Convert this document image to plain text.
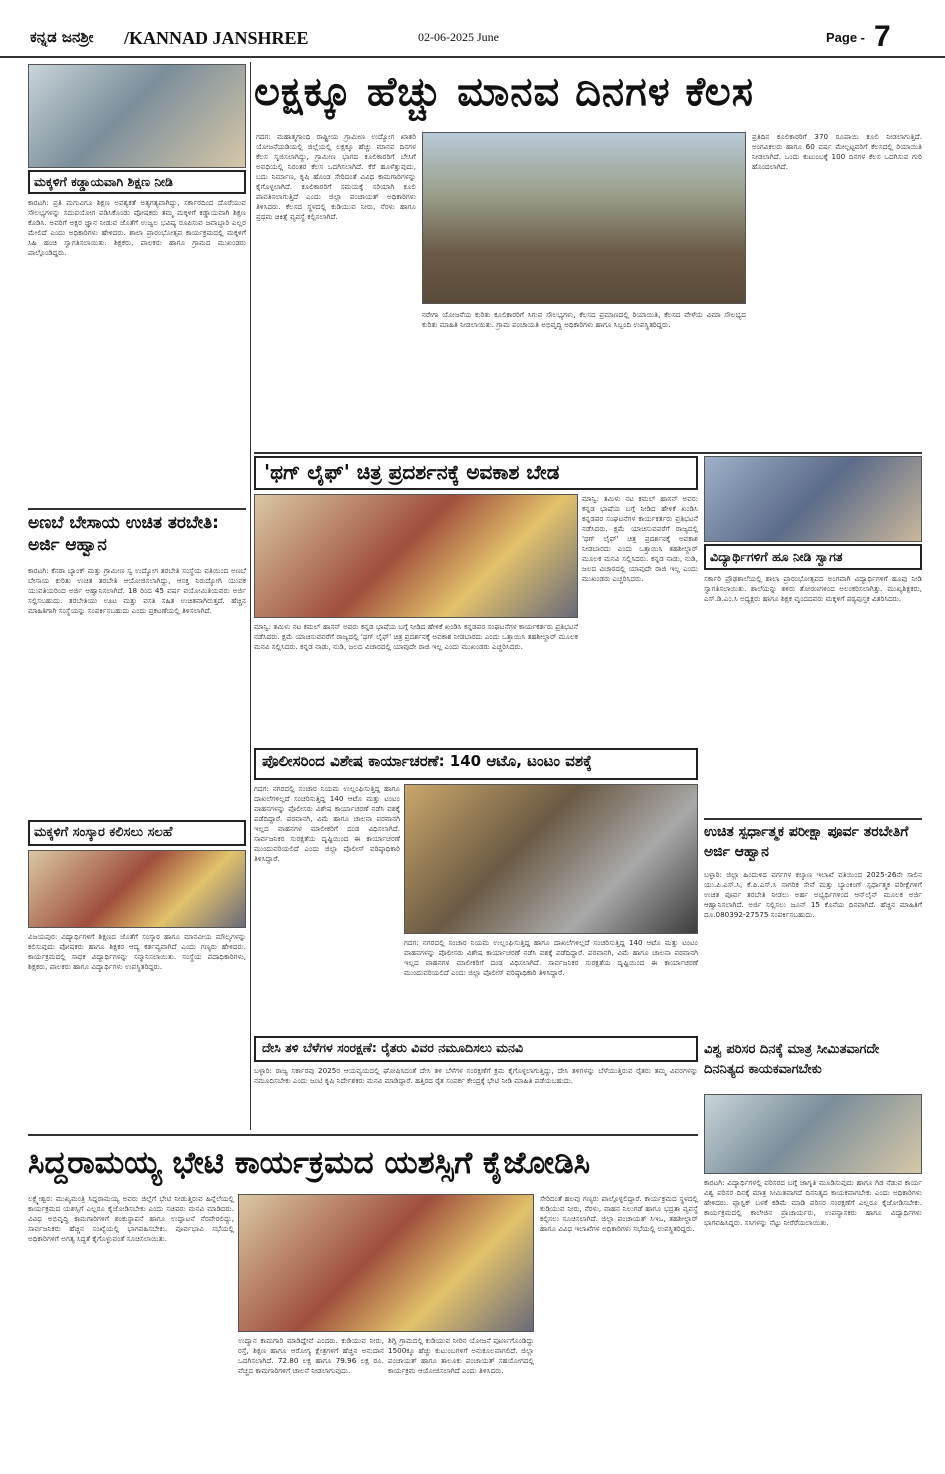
ಕನ್ನಡ ಜನಶ್ರೀ /KANNAD JANSHREE	02-06-2025 June	Page - 7
ಮಕ್ಕಳಿಗೆ ಕಡ್ಡಾಯವಾಗಿ ಶಿಕ್ಷಣ ನೀಡಿ
ಕಾರಟಗಿ: ಪ್ರತಿ ಮಗುವಿಗೂ ಶಿಕ್ಷಣ ಅವಶ್ಯಕತೆ ಅತ್ಯಗತ್ಯವಾಗಿದ್ದು, ಸರ್ಕಾರದಿಂದ ದೊರೆಯುವ ಸೌಲಭ್ಯಗಳನ್ನು ಸದುಪಯೋಗ ಪಡಿಸಿಕೊಂಡು ಪೋಷಕರು ತಮ್ಮ ಮಕ್ಕಳಿಗೆ ಕಡ್ಡಾಯವಾಗಿ ಶಿಕ್ಷಣ ಕೊಡಿಸಿ. ಅವರಿಗೆ ಅಕ್ಷರ ಜ್ಞಾನ ನೀಡುವ ಜೊತೆಗೆ ಉಜ್ವಲ ಭವಿಷ್ಯ ರೂಪಿಸುವ ಜವಾಬ್ದಾರಿ ಎಲ್ಲರ ಮೇಲಿದೆ ಎಂದು ಅಧಿಕಾರಿಗಳು ಹೇಳಿದರು. ಶಾಲಾ ಪ್ರಾರಂಭೋತ್ಸವ ಕಾರ್ಯಕ್ರಮದಲ್ಲಿ ಮಕ್ಕಳಿಗೆ ಸಿಹಿ ಹಂಚಿ ಸ್ವಾಗತಿಸಲಾಯಿತು. ಶಿಕ್ಷಕರು, ಪಾಲಕರು ಹಾಗೂ ಗ್ರಾಮದ ಮುಖಂಡರು ಪಾಲ್ಗೊಂಡಿದ್ದರು.
ಅಣಬೆ ಬೇಸಾಯ ಉಚಿತ ತರಬೇತಿ: ಅರ್ಜಿ ಆಹ್ವಾನ
ಕಾರಟಗಿ: ಕೆನರಾ ಬ್ಯಾಂಕ್ ಮತ್ತು ಗ್ರಾಮೀಣ ಸ್ವ ಉದ್ಯೋಗ ತರಬೇತಿ ಸಂಸ್ಥೆಯ ವತಿಯಿಂದ ಅಣಬೆ ಬೇಸಾಯ ಕುರಿತು ಉಚಿತ ತರಬೇತಿ ಆಯೋಜಿಸಲಾಗಿದ್ದು, ಆಸಕ್ತ ನಿರುದ್ಯೋಗಿ ಯುವಕ ಯುವತಿಯರಿಂದ ಅರ್ಜಿ ಆಹ್ವಾನಿಸಲಾಗಿದೆ. 18 ರಿಂದ 45 ವರ್ಷ ವಯೋಮಿತಿಯವರು ಅರ್ಜಿ ಸಲ್ಲಿಸಬಹುದು. ತರಬೇತಿಯು ಊಟ ಮತ್ತು ವಸತಿ ಸಹಿತ ಉಚಿತವಾಗಿರುತ್ತದೆ. ಹೆಚ್ಚಿನ ಮಾಹಿತಿಗಾಗಿ ಸಂಸ್ಥೆಯನ್ನು ಸಂಪರ್ಕಿಸಬಹುದು ಎಂದು ಪ್ರಕಟಣೆಯಲ್ಲಿ ತಿಳಿಸಲಾಗಿದೆ.
ಮಕ್ಕಳಿಗೆ ಸಂಸ್ಕಾರ ಕಲಿಸಲು ಸಲಹೆ
ವಿಜಯಪುರ: ವಿದ್ಯಾರ್ಥಿಗಳಿಗೆ ಶಿಕ್ಷಣದ ಜೊತೆಗೆ ಸಂಸ್ಕಾರ ಹಾಗೂ ಮಾನವೀಯ ಮೌಲ್ಯಗಳನ್ನು ಕಲಿಸುವುದು ಪೋಷಕರು ಹಾಗೂ ಶಿಕ್ಷಕರ ಆದ್ಯ ಕರ್ತವ್ಯವಾಗಿದೆ ಎಂದು ಗಣ್ಯರು ಹೇಳಿದರು. ಕಾರ್ಯಕ್ರಮದಲ್ಲಿ ಸಾಧಕ ವಿದ್ಯಾರ್ಥಿಗಳನ್ನು ಸನ್ಮಾನಿಸಲಾಯಿತು. ಸಂಸ್ಥೆಯ ಪದಾಧಿಕಾರಿಗಳು, ಶಿಕ್ಷಕರು, ಪಾಲಕರು ಹಾಗೂ ವಿದ್ಯಾರ್ಥಿಗಳು ಉಪಸ್ಥಿತರಿದ್ದರು.
ಲಕ್ಷಕ್ಕೂ ಹೆಚ್ಚು ಮಾನವ ದಿನಗಳ ಕೆಲಸ
ಗದಗ: ಮಹಾತ್ಮಗಾಂಧಿ ರಾಷ್ಟ್ರೀಯ ಗ್ರಾಮೀಣ ಉದ್ಯೋಗ ಖಾತರಿ ಯೋಜನೆಯಡಿಯಲ್ಲಿ ಜಿಲ್ಲೆಯಲ್ಲಿ ಲಕ್ಷಕ್ಕೂ ಹೆಚ್ಚು ಮಾನವ ದಿನಗಳ ಕೆಲಸ ಸೃಜಿಸಲಾಗಿದ್ದು, ಗ್ರಾಮೀಣ ಭಾಗದ ಕೂಲಿಕಾರರಿಗೆ ಬೇಸಿಗೆ ಅವಧಿಯಲ್ಲಿ ನಿರಂತರ ಕೆಲಸ ಒದಗಿಸಲಾಗಿದೆ. ಕೆರೆ ಹೂಳೆತ್ತುವುದು, ಬದು ನಿರ್ಮಾಣ, ಕೃಷಿ ಹೊಂಡ ಸೇರಿದಂತೆ ವಿವಿಧ ಕಾಮಗಾರಿಗಳನ್ನು ಕೈಗೊಳ್ಳಲಾಗಿದೆ. ಕೂಲಿಕಾರರಿಗೆ ಸಮಯಕ್ಕೆ ಸರಿಯಾಗಿ ಕೂಲಿ ಪಾವತಿಸಲಾಗುತ್ತಿದೆ ಎಂದು ಜಿಲ್ಲಾ ಪಂಚಾಯತ್ ಅಧಿಕಾರಿಗಳು ತಿಳಿಸಿದರು. ಕೆಲಸದ ಸ್ಥಳದಲ್ಲಿ ಕುಡಿಯುವ ನೀರು, ನೆರಳು ಹಾಗೂ ಪ್ರಥಮ ಚಿಕಿತ್ಸೆ ವ್ಯವಸ್ಥೆ ಕಲ್ಪಿಸಲಾಗಿದೆ.
ನರೇಗಾ ಯೋಜನೆಯ ಕುರಿತು ಕೂಲಿಕಾರರಿಗೆ ಸಿಗುವ ಸೌಲಭ್ಯಗಳು, ಕೆಲಸದ ಪ್ರಮಾಣದಲ್ಲಿ ರಿಯಾಯಿತಿ, ಕೆಲಸದ ವೇಳೆಯ ವಿಮಾ ಸೌಲಭ್ಯದ ಕುರಿತು ಮಾಹಿತಿ ನೀಡಲಾಯಿತು. ಗ್ರಾಮ ಪಂಚಾಯತಿ ಅಭಿವೃದ್ಧಿ ಅಧಿಕಾರಿಗಳು ಹಾಗೂ ಸಿಬ್ಬಂದಿ ಉಪಸ್ಥಿತರಿದ್ದರು.
ಪ್ರತಿದಿನ ಕೂಲಿಕಾರರಿಗೆ 370 ರೂಪಾಯಿ ಕೂಲಿ ನೀಡಲಾಗುತ್ತಿದೆ. ಅಂಗವಿಕಲರು ಹಾಗೂ 60 ವರ್ಷ ಮೇಲ್ಪಟ್ಟವರಿಗೆ ಕೆಲಸದಲ್ಲಿ ರಿಯಾಯಿತಿ ನೀಡಲಾಗಿದೆ. ಒಂದು ಕುಟುಂಬಕ್ಕೆ 100 ದಿನಗಳ ಕೆಲಸ ಒದಗಿಸುವ ಗುರಿ ಹೊಂದಲಾಗಿದೆ.
'ಥಗ್ ಲೈಫ್' ಚಿತ್ರ ಪ್ರದರ್ಶನಕ್ಕೆ ಅವಕಾಶ ಬೇಡ
ಮಾನ್ವಿ: ತಮಿಳು ನಟ ಕಮಲ್ ಹಾಸನ್ ಅವರು ಕನ್ನಡ ಭಾಷೆಯ ಬಗ್ಗೆ ನೀಡಿದ ಹೇಳಿಕೆ ಖಂಡಿಸಿ ಕನ್ನಡಪರ ಸಂಘಟನೆಗಳ ಕಾರ್ಯಕರ್ತರು ಪ್ರತಿಭಟನೆ ನಡೆಸಿದರು. ಕ್ಷಮೆ ಯಾಚಿಸುವವರೆಗೆ ರಾಜ್ಯದಲ್ಲಿ 'ಥಗ್ ಲೈಫ್' ಚಿತ್ರ ಪ್ರದರ್ಶನಕ್ಕೆ ಅವಕಾಶ ನೀಡಬಾರದು ಎಂದು ಒತ್ತಾಯಿಸಿ ತಹಶೀಲ್ದಾರ್ ಮೂಲಕ ಮನವಿ ಸಲ್ಲಿಸಿದರು. ಕನ್ನಡ ನಾಡು, ನುಡಿ, ಜಲದ ವಿಚಾರದಲ್ಲಿ ಯಾವುದೇ ರಾಜಿ ಇಲ್ಲ ಎಂದು ಮುಖಂಡರು ಎಚ್ಚರಿಸಿದರು.
ಮಾನ್ವಿ: ತಮಿಳು ನಟ ಕಮಲ್ ಹಾಸನ್ ಅವರು ಕನ್ನಡ ಭಾಷೆಯ ಬಗ್ಗೆ ನೀಡಿದ ಹೇಳಿಕೆ ಖಂಡಿಸಿ ಕನ್ನಡಪರ ಸಂಘಟನೆಗಳ ಕಾರ್ಯಕರ್ತರು ಪ್ರತಿಭಟನೆ ನಡೆಸಿದರು. ಕ್ಷಮೆ ಯಾಚಿಸುವವರೆಗೆ ರಾಜ್ಯದಲ್ಲಿ 'ಥಗ್ ಲೈಫ್' ಚಿತ್ರ ಪ್ರದರ್ಶನಕ್ಕೆ ಅವಕಾಶ ನೀಡಬಾರದು ಎಂದು ಒತ್ತಾಯಿಸಿ ತಹಶೀಲ್ದಾರ್ ಮೂಲಕ ಮನವಿ ಸಲ್ಲಿಸಿದರು. ಕನ್ನಡ ನಾಡು, ನುಡಿ, ಜಲದ ವಿಚಾರದಲ್ಲಿ ಯಾವುದೇ ರಾಜಿ ಇಲ್ಲ ಎಂದು ಮುಖಂಡರು ಎಚ್ಚರಿಸಿದರು.
ವಿದ್ಯಾರ್ಥಿಗಳಿಗೆ ಹೂ ನೀಡಿ ಸ್ವಾಗತ
ಸರ್ಕಾರಿ ಪ್ರೌಢಶಾಲೆಯಲ್ಲಿ ಶಾಲಾ ಪ್ರಾರಂಭೋತ್ಸವದ ಅಂಗವಾಗಿ ವಿದ್ಯಾರ್ಥಿಗಳಿಗೆ ಹೂವು ನೀಡಿ ಸ್ವಾಗತಿಸಲಾಯಿತು. ಶಾಲೆಯನ್ನು ತಳಿರು ತೋರಣಗಳಿಂದ ಅಲಂಕರಿಸಲಾಗಿತ್ತು. ಮುಖ್ಯಶಿಕ್ಷಕರು, ಎಸ್.ಡಿ.ಎಂ.ಸಿ ಅಧ್ಯಕ್ಷರು ಹಾಗೂ ಶಿಕ್ಷಕ ವೃಂದದವರು ಮಕ್ಕಳಿಗೆ ಪಠ್ಯಪುಸ್ತಕ ವಿತರಿಸಿದರು.
ಪೊಲೀಸರಿಂದ ವಿಶೇಷ ಕಾರ್ಯಾಚರಣೆ: 140 ಆಟೊ, ಟಂಟಂ ವಶಕ್ಕೆ
ಗದಗ: ನಗರದಲ್ಲಿ ಸಂಚಾರ ನಿಯಮ ಉಲ್ಲಂಘಿಸುತ್ತಿದ್ದ ಹಾಗೂ ದಾಖಲೆಗಳಿಲ್ಲದೆ ಸಂಚರಿಸುತ್ತಿದ್ದ 140 ಆಟೊ ಮತ್ತು ಟಂಟಂ ವಾಹನಗಳನ್ನು ಪೊಲೀಸರು ವಿಶೇಷ ಕಾರ್ಯಾಚರಣೆ ನಡೆಸಿ ವಶಕ್ಕೆ ಪಡೆದಿದ್ದಾರೆ. ಪರವಾನಗಿ, ವಿಮೆ ಹಾಗೂ ಚಾಲನಾ ಪರವಾನಗಿ ಇಲ್ಲದ ವಾಹನಗಳ ಮಾಲೀಕರಿಗೆ ದಂಡ ವಿಧಿಸಲಾಗಿದೆ. ಸಾರ್ವಜನಿಕರ ಸುರಕ್ಷತೆಯ ದೃಷ್ಟಿಯಿಂದ ಈ ಕಾರ್ಯಾಚರಣೆ ಮುಂದುವರಿಯಲಿದೆ ಎಂದು ಜಿಲ್ಲಾ ಪೊಲೀಸ್ ವರಿಷ್ಠಾಧಿಕಾರಿ ತಿಳಿಸಿದ್ದಾರೆ.
ಗದಗ: ನಗರದಲ್ಲಿ ಸಂಚಾರ ನಿಯಮ ಉಲ್ಲಂಘಿಸುತ್ತಿದ್ದ ಹಾಗೂ ದಾಖಲೆಗಳಿಲ್ಲದೆ ಸಂಚರಿಸುತ್ತಿದ್ದ 140 ಆಟೊ ಮತ್ತು ಟಂಟಂ ವಾಹನಗಳನ್ನು ಪೊಲೀಸರು ವಿಶೇಷ ಕಾರ್ಯಾಚರಣೆ ನಡೆಸಿ ವಶಕ್ಕೆ ಪಡೆದಿದ್ದಾರೆ. ಪರವಾನಗಿ, ವಿಮೆ ಹಾಗೂ ಚಾಲನಾ ಪರವಾನಗಿ ಇಲ್ಲದ ವಾಹನಗಳ ಮಾಲೀಕರಿಗೆ ದಂಡ ವಿಧಿಸಲಾಗಿದೆ. ಸಾರ್ವಜನಿಕರ ಸುರಕ್ಷತೆಯ ದೃಷ್ಟಿಯಿಂದ ಈ ಕಾರ್ಯಾಚರಣೆ ಮುಂದುವರಿಯಲಿದೆ ಎಂದು ಜಿಲ್ಲಾ ಪೊಲೀಸ್ ವರಿಷ್ಠಾಧಿಕಾರಿ ತಿಳಿಸಿದ್ದಾರೆ.
ಉಚಿತ ಸ್ಪರ್ಧಾತ್ಮಕ ಪರೀಕ್ಷಾ ಪೂರ್ವ ತರಬೇತಿಗೆ ಅರ್ಜಿ ಆಹ್ವಾನ
ಬಳ್ಳಾರಿ: ಜಿಲ್ಲಾ ಹಿಂದುಳಿದ ವರ್ಗಗಳ ಕಲ್ಯಾಣ ಇಲಾಖೆ ವತಿಯಿಂದ 2025-26ನೇ ಸಾಲಿನ ಯು.ಪಿ.ಎಸ್.ಸಿ, ಕೆ.ಪಿ.ಎಸ್.ಸಿ ನಾಗರಿಕ ಸೇವೆ ಮತ್ತು ಬ್ಯಾಂಕಿಂಗ್ ಸ್ಪರ್ಧಾತ್ಮಕ ಪರೀಕ್ಷೆಗಳಿಗೆ ಉಚಿತ ಪೂರ್ವ ತರಬೇತಿ ನೀಡಲು ಅರ್ಹ ಅಭ್ಯರ್ಥಿಗಳಿಂದ ಆನ್‌ಲೈನ್ ಮೂಲಕ ಅರ್ಜಿ ಆಹ್ವಾನಿಸಲಾಗಿದೆ. ಅರ್ಜಿ ಸಲ್ಲಿಸಲು ಜೂನ್ 15 ಕೊನೆಯ ದಿನವಾಗಿದೆ. ಹೆಚ್ಚಿನ ಮಾಹಿತಿಗೆ ದೂ.080392-27575 ಸಂಪರ್ಕಿಸಬಹುದು.
ದೇಸಿ ತಳಿ ಬೆಳೆಗಳ ಸಂರಕ್ಷಣೆ: ರೈತರು ವಿವರ ನಮೂದಿಸಲು ಮನವಿ
ಬಳ್ಳಾರಿ: ರಾಜ್ಯ ಸರ್ಕಾರವು 2025ರ ಆಯವ್ಯಯದಲ್ಲಿ ಘೋಷಿಸಿದಂತೆ ದೇಸಿ ತಳಿ ಬೆಳೆಗಳ ಸಂರಕ್ಷಣೆಗೆ ಕ್ರಮ ಕೈಗೊಳ್ಳಲಾಗುತ್ತಿದ್ದು, ದೇಸಿ ತಳಿಗಳನ್ನು ಬೆಳೆಯುತ್ತಿರುವ ರೈತರು ತಮ್ಮ ವಿವರಗಳನ್ನು ನಮೂದಿಸಬೇಕು ಎಂದು ಜಂಟಿ ಕೃಷಿ ನಿರ್ದೇಶಕರು ಮನವಿ ಮಾಡಿದ್ದಾರೆ. ಹತ್ತಿರದ ರೈತ ಸಂಪರ್ಕ ಕೇಂದ್ರಕ್ಕೆ ಭೇಟಿ ನೀಡಿ ಮಾಹಿತಿ ಪಡೆಯಬಹುದು.
ವಿಶ್ವ ಪರಿಸರ ದಿನಕ್ಕೆ ಮಾತ್ರ ಸೀಮಿತವಾಗದೇ ದಿನನಿತ್ಯದ ಕಾಯಕವಾಗಬೇಕು
ಕಾರಟಗಿ: ವಿದ್ಯಾರ್ಥಿಗಳಲ್ಲಿ ಪರಿಸರದ ಬಗ್ಗೆ ಜಾಗೃತಿ ಮೂಡಿಸುವುದು ಹಾಗೂ ಗಿಡ ನೆಡುವ ಕಾರ್ಯ ವಿಶ್ವ ಪರಿಸರ ದಿನಕ್ಕೆ ಮಾತ್ರ ಸೀಮಿತವಾಗದೆ ದಿನನಿತ್ಯದ ಕಾಯಕವಾಗಬೇಕು ಎಂದು ಅಧಿಕಾರಿಗಳು ಹೇಳಿದರು. ಪ್ಲಾಸ್ಟಿಕ್ ಬಳಕೆ ಕಡಿಮೆ ಮಾಡಿ ಪರಿಸರ ಸಂರಕ್ಷಣೆಗೆ ಎಲ್ಲರೂ ಕೈಜೋಡಿಸಬೇಕು. ಕಾರ್ಯಕ್ರಮದಲ್ಲಿ ಕಾಲೇಜಿನ ಪ್ರಾಚಾರ್ಯರು, ಉಪನ್ಯಾಸಕರು ಹಾಗೂ ವಿದ್ಯಾರ್ಥಿಗಳು ಭಾಗವಹಿಸಿದ್ದರು. ಸಸಿಗಳನ್ನು ನೆಟ್ಟು ನೀರೆರೆಯಲಾಯಿತು.
ಸಿದ್ದರಾಮಯ್ಯ ಭೇಟಿ ಕಾರ್ಯಕ್ರಮದ ಯಶಸ್ಸಿಗೆ ಕೈಜೋಡಿಸಿ
ಲಕ್ಷ್ಮೇಶ್ವರ: ಮುಖ್ಯಮಂತ್ರಿ ಸಿದ್ದರಾಮಯ್ಯ ಅವರು ಜಿಲ್ಲೆಗೆ ಭೇಟಿ ನೀಡುತ್ತಿರುವ ಹಿನ್ನೆಲೆಯಲ್ಲಿ ಕಾರ್ಯಕ್ರಮದ ಯಶಸ್ಸಿಗೆ ಎಲ್ಲರೂ ಕೈಜೋಡಿಸಬೇಕು ಎಂದು ಸಚಿವರು ಮನವಿ ಮಾಡಿದರು. ವಿವಿಧ ಅಭಿವೃದ್ಧಿ ಕಾಮಗಾರಿಗಳಿಗೆ ಶಂಕುಸ್ಥಾಪನೆ ಹಾಗೂ ಉದ್ಘಾಟನೆ ನೆರವೇರಲಿದ್ದು, ಸಾರ್ವಜನಿಕರು ಹೆಚ್ಚಿನ ಸಂಖ್ಯೆಯಲ್ಲಿ ಭಾಗವಹಿಸಬೇಕು. ಪೂರ್ವಭಾವಿ ಸಭೆಯಲ್ಲಿ ಅಧಿಕಾರಿಗಳಿಗೆ ಅಗತ್ಯ ಸಿದ್ಧತೆ ಕೈಗೊಳ್ಳುವಂತೆ ಸೂಚಿಸಲಾಯಿತು.
ಉದ್ಯಾನ ಕಾಮಗಾರಿ ಮಾಡಿದ್ದೇವೆ ಎಂದರು. ಕುಡಿಯುವ ನೀರು, ರಸ್ತೆ, ಶಿಕ್ಷಣ ಹಾಗೂ ಆರೋಗ್ಯ ಕ್ಷೇತ್ರಗಳಿಗೆ ಹೆಚ್ಚಿನ ಅನುದಾನ ಒದಗಿಸಲಾಗಿದೆ. 72.80 ಲಕ್ಷ ಹಾಗೂ 79.96 ಲಕ್ಷ ರೂ. ವೆಚ್ಚದ ಕಾಮಗಾರಿಗಳಿಗೆ ಚಾಲನೆ ನೀಡಲಾಗುವುದು.
ಶಿಗ್ಲಿ ಗ್ರಾಮದಲ್ಲಿ ಕುಡಿಯುವ ನೀರಿನ ಯೋಜನೆ ಪೂರ್ಣಗೊಂಡಿದ್ದು 1500ಕ್ಕೂ ಹೆಚ್ಚು ಕುಟುಂಬಗಳಿಗೆ ಅನುಕೂಲವಾಗಲಿದೆ. ಜಿಲ್ಲಾ ಪಂಚಾಯತ್ ಹಾಗೂ ತಾಲೂಕು ಪಂಚಾಯತ್ ಸಹಯೋಗದಲ್ಲಿ ಕಾರ್ಯಕ್ರಮ ಆಯೋಜಿಸಲಾಗಿದೆ ಎಂದು ತಿಳಿಸಿದರು.
ಸೇರಿದಂತೆ ಹಲವು ಗಣ್ಯರು ಪಾಲ್ಗೊಳ್ಳಲಿದ್ದಾರೆ. ಕಾರ್ಯಕ್ರಮದ ಸ್ಥಳದಲ್ಲಿ ಕುಡಿಯುವ ನೀರು, ನೆರಳು, ವಾಹನ ನಿಲುಗಡೆ ಹಾಗೂ ಭದ್ರತಾ ವ್ಯವಸ್ಥೆ ಕಲ್ಪಿಸಲು ಸೂಚಿಸಲಾಗಿದೆ. ಜಿಲ್ಲಾ ಪಂಚಾಯತ್ ಸಿಇಒ, ತಹಶೀಲ್ದಾರ್ ಹಾಗೂ ವಿವಿಧ ಇಲಾಖೆಗಳ ಅಧಿಕಾರಿಗಳು ಸಭೆಯಲ್ಲಿ ಉಪಸ್ಥಿತರಿದ್ದರು.
